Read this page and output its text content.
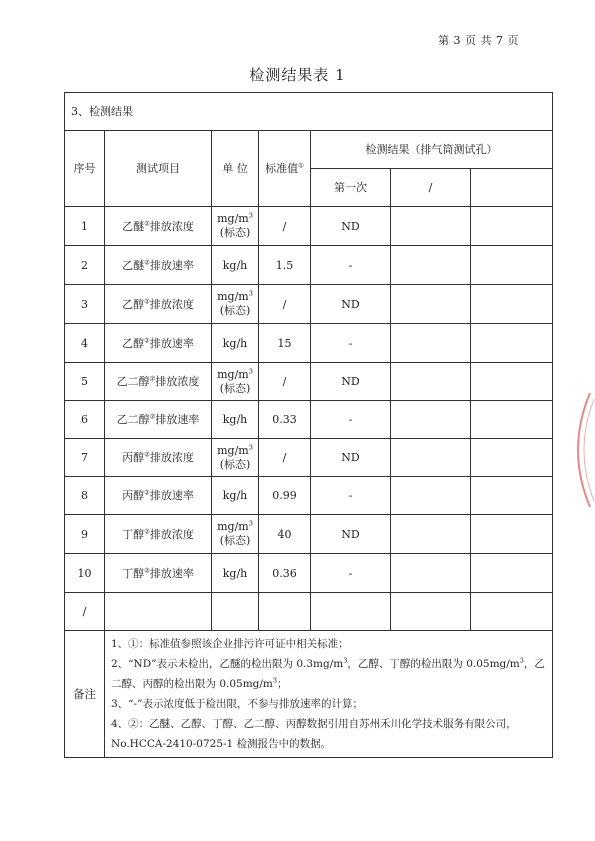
第 3 页 共 7 页
检测结果表 1
3、检测结果						
序号	测试项目	单 位	标准值①	检测结果（排气筒测试孔）		
				第一次	/	
1	乙醚②排放浓度	$mg/m^3$
(标态)	/	ND		
2	乙醚②排放速率	kg/h	1.5	-		
3	乙醇②排放浓度	$mg/m^3$
(标态)	/	ND		
4	乙醇②排放速率	kg/h	15	-		
5	乙二醇②排放浓度	$mg/m^3$
(标态)	/	ND		
6	乙二醇②排放速率	kg/h	0.33	-		
7	丙醇②排放浓度	$mg/m^3$
(标态)	/	ND		
8	丙醇②排放速率	kg/h	0.99	-		
9	丁醇②排放浓度	$mg/m^3$
(标态)	40	ND		
10	丁醇②排放速率	kg/h	0.36	-		
/						
备注	1、①：标准值参照该企业排污许可证中相关标准；
2、“ND”表示未检出，乙醚的检出限为 $0.3mg/m^3$，乙醇、丁醇的检出限为 $0.05mg/m^3$，乙二醇、丙醇的检出限为 $0.05mg/m^3$；
3、“-”表示浓度低于检出限，不参与排放速率的计算；
4、②：乙醚、乙醇、丁醇、乙二醇、丙醇数据引用自苏州禾川化学技术服务有限公司，No.HCCA-2410-0725-1 检测报告中的数据。					
